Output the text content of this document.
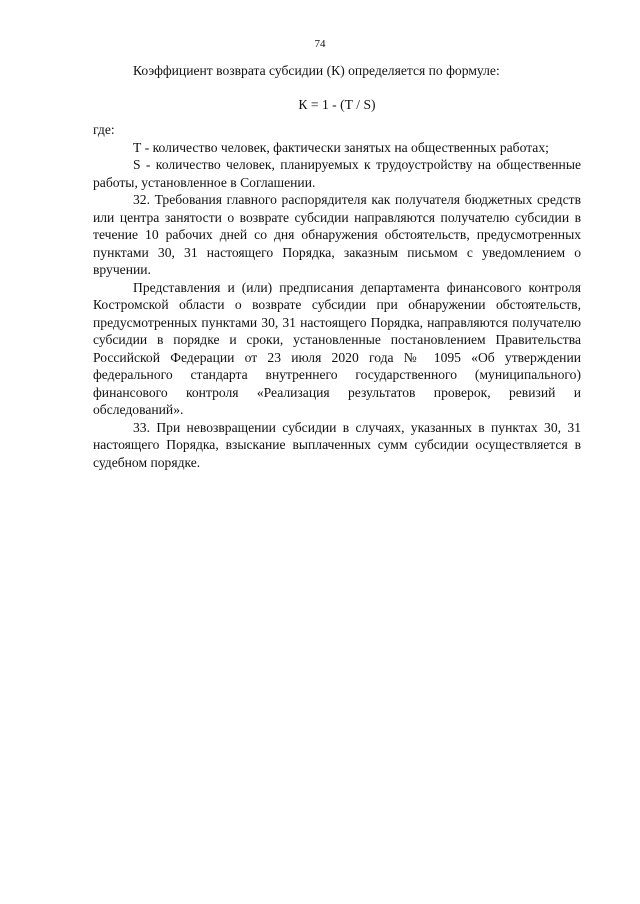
74

Коэффициент возврата субсидии (К) определяется по формуле:

К = 1 - (Т / S)

где:

Т - количество человек, фактически занятых на общественных работах;

S - количество человек, планируемых к трудоустройству на общественные работы, установленное в Соглашении.

32. Требования главного распорядителя как получателя бюджетных средств или центра занятости о возврате субсидии направляются получателю субсидии в течение 10 рабочих дней со дня обнаружения обстоятельств, предусмотренных пунктами 30, 31 настоящего Порядка, заказным письмом с уведомлением о вручении.

Представления и (или) предписания департамента финансового контроля Костромской области о возврате субсидии при обнаружении обстоятельств, предусмотренных пунктами 30, 31 настоящего Порядка, направляются получателю субсидии в порядке и сроки, установленные постановлением Правительства Российской Федерации от 23 июля 2020 года № 1095 «Об утверждении федерального стандарта внутреннего государственного (муниципального) финансового контроля «Реализация результатов проверок, ревизий и обследований».

33. При невозвращении субсидии в случаях, указанных в пунктах 30, 31 настоящего Порядка, взыскание выплаченных сумм субсидии осуществляется в судебном порядке.
